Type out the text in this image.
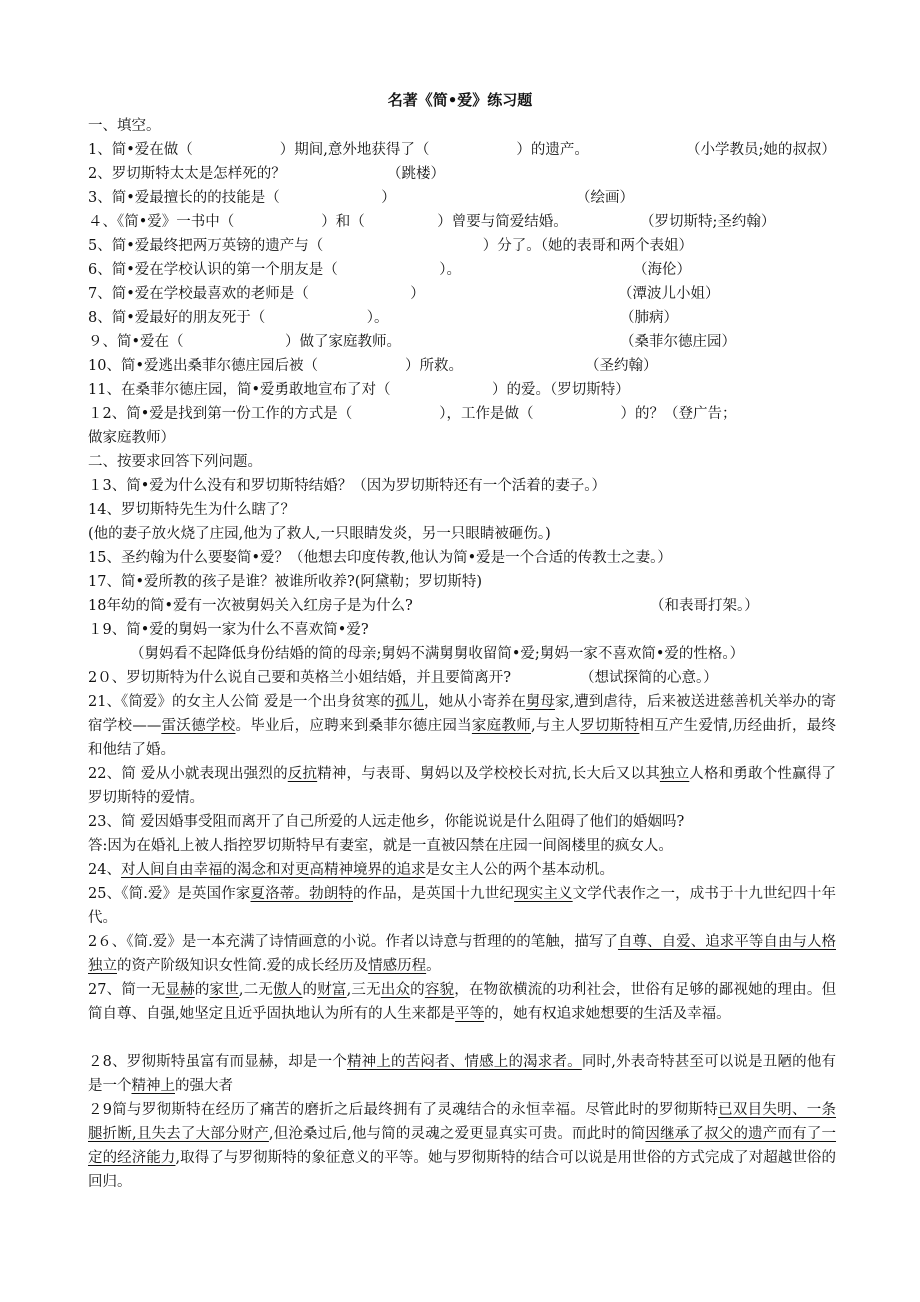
名著《简•爱》练习题
一、填空。
1、简•爱在做（　　　　　　）期间,意外地获得了（　　　　　　）的遗产。	（小学教员;她的叔叔）
2、罗切斯特太太是怎样死的？	（跳楼）
3、简•爱最擅长的的技能是（　　　　　　　）	（绘画）
４、《简•爱》一书中（　　　　　　）和（　　　　　）曾要与简爱结婚。	（罗切斯特;圣约翰）
5、简•爱最终把两万英镑的遗产与（　　　　　　　　　　　）分了。（她的表哥和两个表姐）
6、简•爱在学校认识的第一个朋友是（　　　　　　　）。	（海伦）
7、简•爱在学校最喜欢的老师是（　　　　　　　）	（潭波儿小姐）
8、简•爱最好的朋友死于（　　　　　　　）。	（肺病）
９、简•爱在（　　　　　　　）做了家庭教师。	（桑菲尔德庄园）
10、简•爱逃出桑菲尔德庄园后被（　　　　　　）所救。	（圣约翰）
11、在桑菲尔德庄园，简•爱勇敢地宣布了对（　　　　　　　）的爱。（罗切斯特）
１2、简•爱是找到第一份工作的方式是（　　　　　　），工作是做（　　　　　　）的？（登广告；
做家庭教师）
二、按要求回答下列问题。
１3、简•爱为什么没有和罗切斯特结婚？（因为罗切斯特还有一个活着的妻子。）
14、罗切斯特先生为什么瞎了？
(他的妻子放火烧了庄园,他为了救人,一只眼睛发炎，另一只眼睛被砸伤。)
15、圣约翰为什么要娶简•爱？（他想去印度传教,他认为简•爱是一个合适的传教士之妻。）
17、简•爱所教的孩子是谁？被谁所收养?(阿黛勒；罗切斯特)
18年幼的简•爱有一次被舅妈关入红房子是为什么?	（和表哥打架。）
１9、简•爱的舅妈一家为什么不喜欢简•爱?
（舅妈看不起降低身份结婚的简的母亲;舅妈不满舅舅收留简•爱;舅妈一家不喜欢简•爱的性格。）
2０、罗切斯特为什么说自己要和英格兰小姐结婚，并且要简离开?	（想试探简的心意。）
21、《简爱》的女主人公简 爱是一个出身贫寒的孤儿，她从小寄养在舅母家,遭到虐待，后来被送进慈善机关举办的寄宿学校——雷沃德学校。毕业后，应聘来到桑菲尔德庄园当家庭教师,与主人罗切斯特相互产生爱情,历经曲折，最终和他结了婚。
22、简 爱从小就表现出强烈的反抗精神，与表哥、舅妈以及学校校长对抗,长大后又以其独立人格和勇敢个性赢得了罗切斯特的爱情。
23、简 爱因婚事受阻而离开了自己所爱的人远走他乡，你能说说是什么阻碍了他们的婚姻吗?
答:因为在婚礼上被人指控罗切斯特早有妻室，就是一直被囚禁在庄园一间阁楼里的疯女人。
24、对人间自由幸福的渴念和对更高精神境界的追求是女主人公的两个基本动机。
25、《简.爱》是英国作家夏洛蒂。勃朗特的作品，是英国十九世纪现实主义文学代表作之一，成书于十九世纪四十年代。
2６、《简.爱》是一本充满了诗情画意的小说。作者以诗意与哲理的的笔触，描写了自尊、自爱、追求平等自由与人格独立的资产阶级知识女性简.爱的成长经历及情感历程。
27、简一无显赫的家世,二无傲人的财富,三无出众的容貌，在物欲横流的功利社会，世俗有足够的鄙视她的理由。但简自尊、自强,她坚定且近乎固执地认为所有的人生来都是平等的，她有权追求她想要的生活及幸福。
２8、罗彻斯特虽富有而显赫，却是一个精神上的苦闷者、情感上的渴求者。同时,外表奇特甚至可以说是丑陋的他有是一个精神上的强大者
２9简与罗彻斯特在经历了痛苦的磨折之后最终拥有了灵魂结合的永恒幸福。尽管此时的罗彻斯特已双目失明、一条腿折断,且失去了大部分财产,但沧桑过后,他与简的灵魂之爱更显真实可贵。而此时的简因继承了叔父的遗产而有了一定的经济能力,取得了与罗彻斯特的象征意义的平等。她与罗彻斯特的结合可以说是用世俗的方式完成了对超越世俗的回归。
